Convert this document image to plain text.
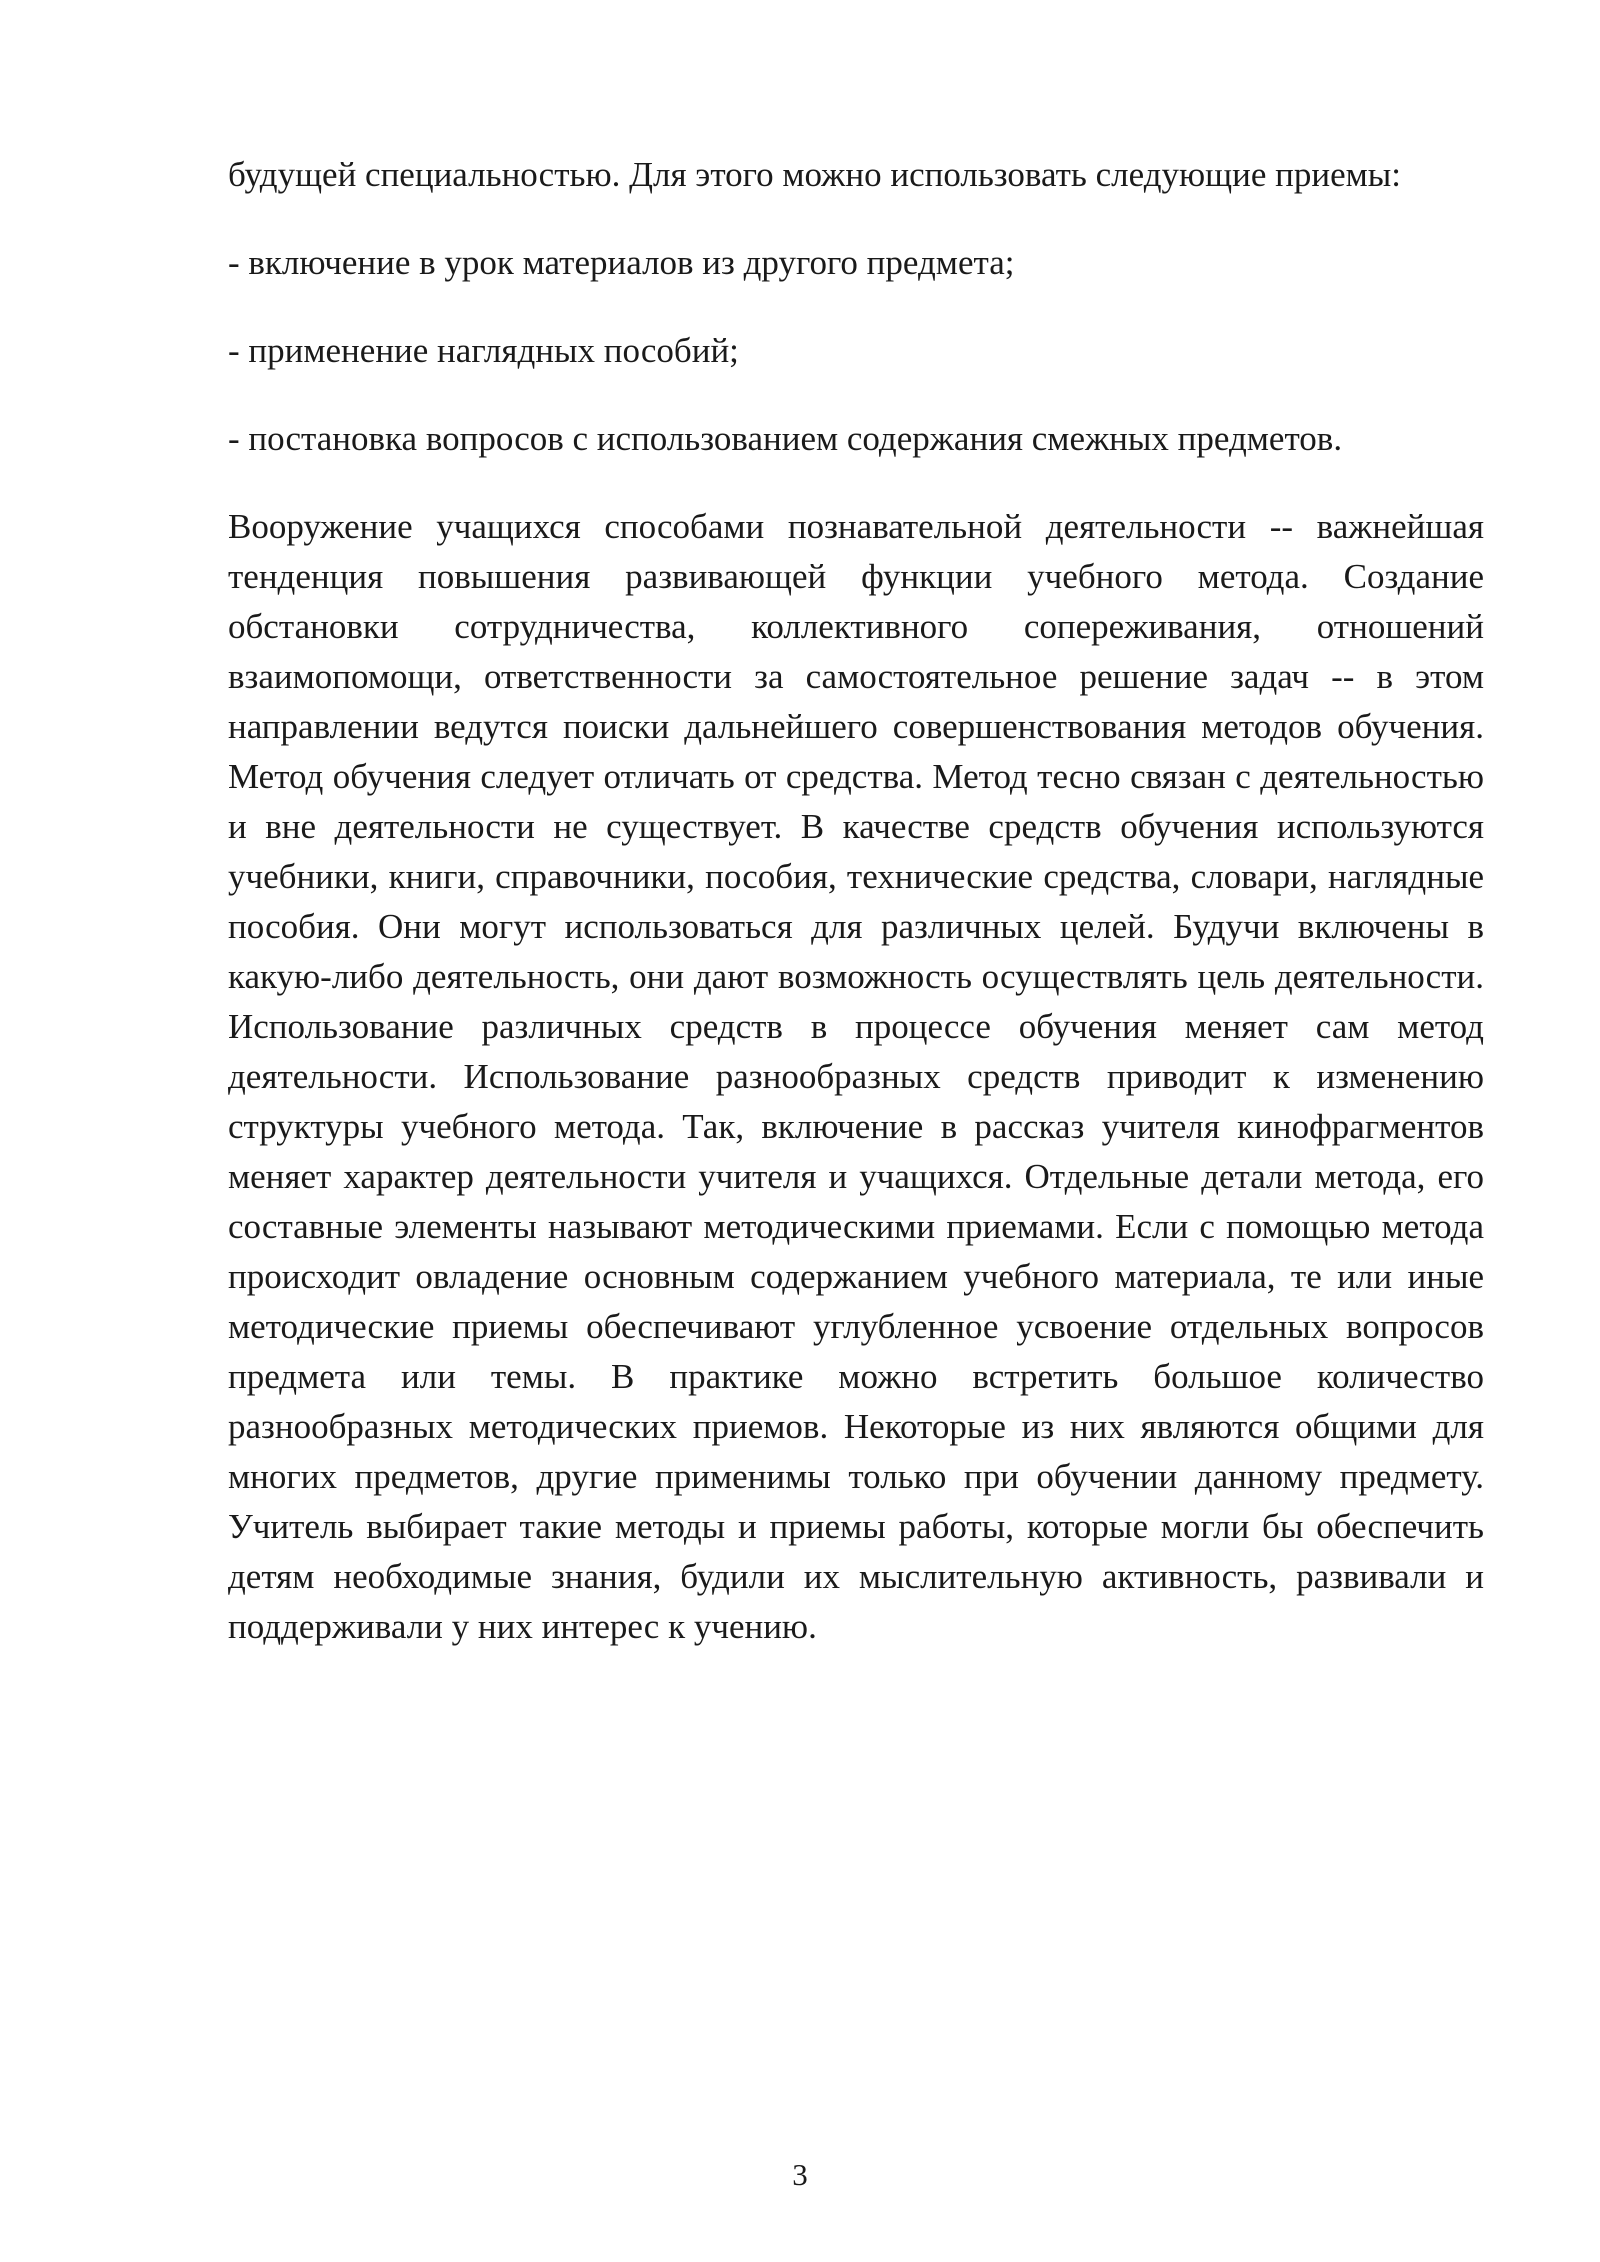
будущей специальностью. Для этого можно использовать следующие приемы:

- включение в урок материалов из другого предмета;

- применение наглядных пособий;

- постановка вопросов с использованием содержания смежных предметов.

Вооружение учащихся способами познавательной деятельности -- важнейшая тенденция повышения развивающей функции учебного метода. Создание обстановки сотрудничества, коллективного сопереживания, отношений взаимопомощи, ответственности за самостоятельное решение задач -- в этом направлении ведутся поиски дальнейшего совершенствования методов обучения. Метод обучения следует отличать от средства. Метод тесно связан с деятельностью и вне деятельности не существует. В качестве средств обучения используются учебники, книги, справочники, пособия, технические средства, словари, наглядные пособия. Они могут использоваться для различных целей. Будучи включены в какую-либо деятельность, они дают возможность осуществлять цель деятельности. Использование различных средств в процессе обучения меняет сам метод деятельности. Использование разнообразных средств приводит к изменению структуры учебного метода. Так, включение в рассказ учителя кинофрагментов меняет характер деятельности учителя и учащихся. Отдельные детали метода, его составные элементы называют методическими приемами. Если с помощью метода происходит овладение основным содержанием учебного материала, те или иные методические приемы обеспечивают углубленное усвоение отдельных вопросов предмета или темы. В практике можно встретить большое количество разнообразных методических приемов. Некоторые из них являются общими для многих предметов, другие применимы только при обучении данному предмету. Учитель выбирает такие методы и приемы работы, которые могли бы обеспечить детям необходимые знания, будили их мыслительную активность, развивали и поддерживали у них интерес к учению.

3
